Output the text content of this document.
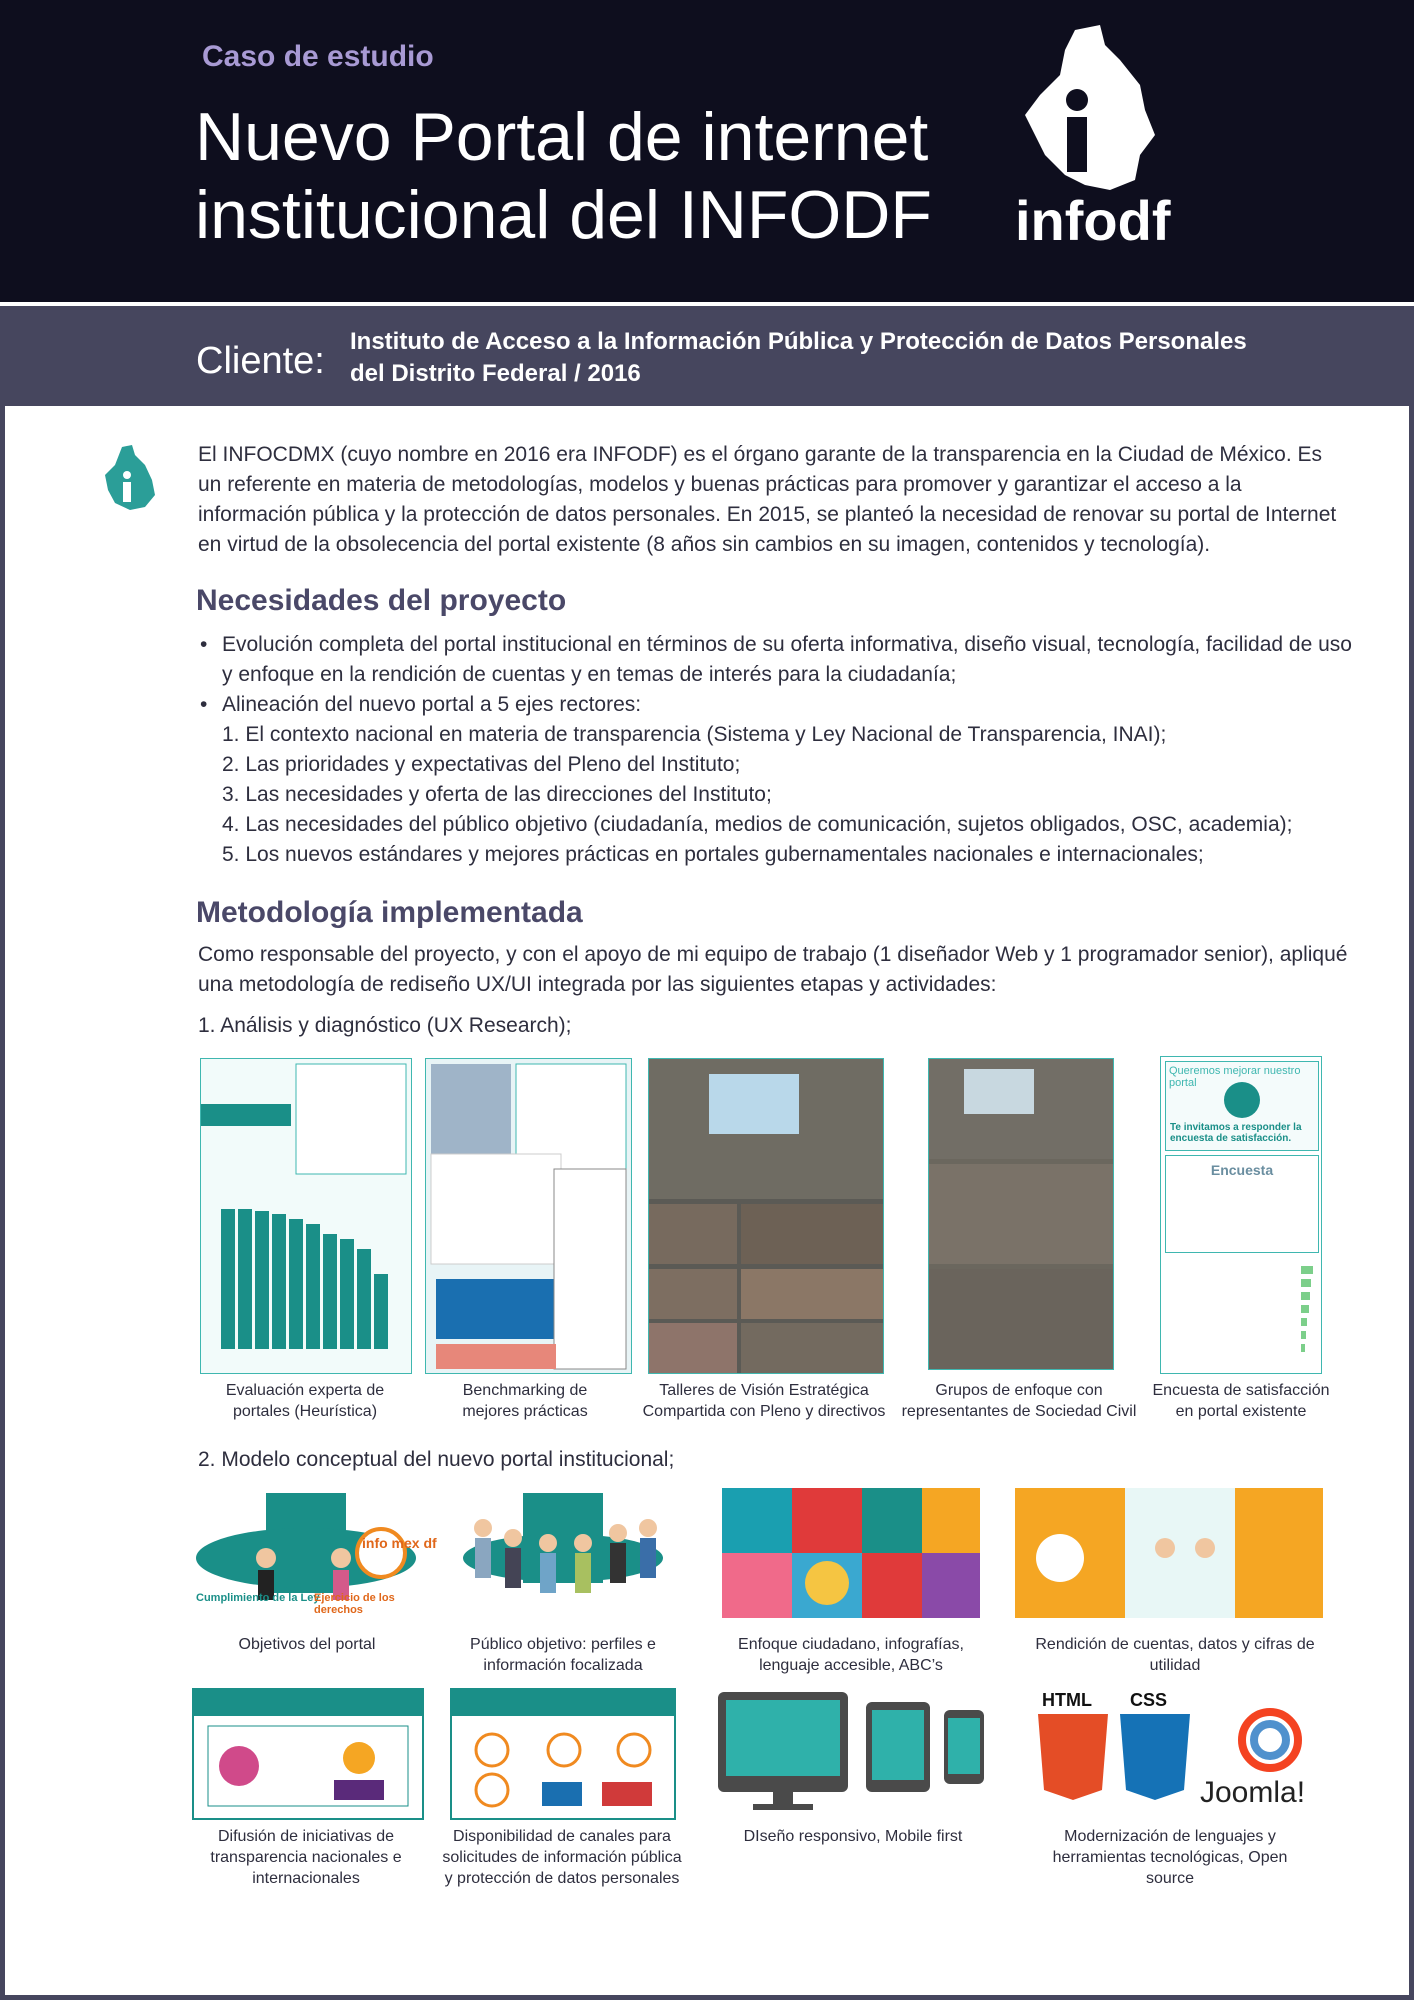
Caso de estudio
Nuevo Portal de internet
institucional del INFODF	infodf
Cliente: Instituto de Acceso a la Información Pública y Protección de Datos Personales
del Distrito Federal / 2016
El INFOCDMX (cuyo nombre en 2016 era INFODF) es el órgano garante de la transparencia en la Ciudad de México. Es un referente en materia de metodologías, modelos y buenas prácticas para promover y garantizar el acceso a la información pública y la protección de datos personales. En 2015, se planteó la necesidad de renovar su portal de Internet en virtud de la obsolecencia del portal existente (8 años sin cambios en su imagen, contenidos y tecnología).
Necesidades del proyecto
• Evolución completa del portal institucional en términos de su oferta informativa, diseño visual, tecnología, facilidad de uso y enfoque en la rendición de cuentas y en temas de interés para la ciudadanía;
• Alineación del nuevo portal a 5 ejes rectores:
1. El contexto nacional en materia de transparencia (Sistema y Ley Nacional de Transparencia, INAI);
2. Las prioridades y expectativas del Pleno del Instituto;
3. Las necesidades y oferta de las direcciones del Instituto;
4. Las necesidades del público objetivo (ciudadanía, medios de comunicación, sujetos obligados, OSC, academia);
5. Los nuevos estándares y mejores prácticas en portales gubernamentales nacionales e internacionales;
Metodología implementada
Como responsable del proyecto, y con el apoyo de mi equipo de trabajo (1 diseñador Web y 1 programador senior), apliqué una metodología de rediseño UX/UI integrada por las siguientes etapas y actividades:
1. Análisis y diagnóstico (UX Research);
Queremos mejorar nuestro portal
Te invitamos a responder la encuesta de satisfacción.
Encuesta
Evaluación experta de portales (Heurística)
Benchmarking de mejores prácticas
Talleres de Visión Estratégica Compartida con Pleno y directivos
Grupos de enfoque con representantes de Sociedad Civil
Encuesta de satisfacción en portal existente
2. Modelo conceptual del nuevo portal institucional;
info mex df
Cumplimiento de la Ley
Ejercicio de los derechos
Objetivos del portal	Público objetivo: perfiles e información focalizada
Enfoque ciudadano, infografías, lenguaje accesible, ABC’s
Rendición de cuentas, datos y cifras de utilidad
HTML CSS
Joomla!
Difusión de iniciativas de transparencia nacionales e internacionales
Disponibilidad de canales para solicitudes de información pública y protección de datos personales
DIseño responsivo, Mobile first	Modernización de lenguajes y herramientas tecnológicas, Open source
